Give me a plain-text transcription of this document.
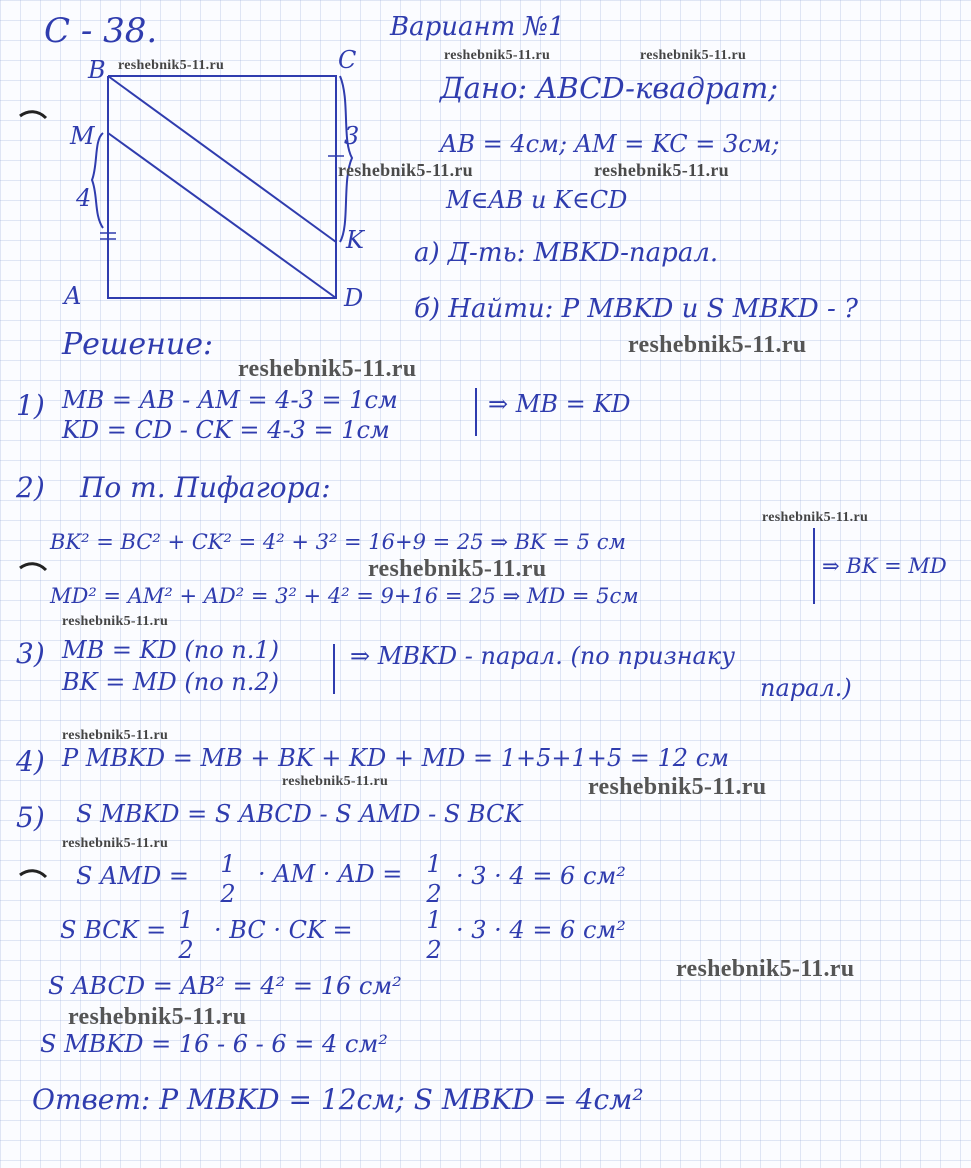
С - 38.	Вариант №1
B	C
M
4
3
K
A	D
Дано: ABCD-квадрат;
AB = 4см; AM = KC = 3см;
M∈AB и K∈CD
а) Д-ть: MBKD-парал.
б) Найти: P MBKD и S MBKD - ?
Решение:
1) MB = AB - AM = 4-3 = 1см
KD = CD - CK = 4-3 = 1см
⇒ MB = KD
2) По т. Пифагора:
BK² = BC² + CK² = 4² + 3² = 16+9 = 25 ⇒ BK = 5 см
MD² = AM² + AD² = 3² + 4² = 9+16 = 25 ⇒ MD = 5см
⇒ BK = MD
3) MB = KD (по п.1)
BK = MD (по п.2)
⇒ MBKD - парал. (по признаку
парал.)
4) P MBKD = MB + BK + KD + MD = 1+5+1+5 = 12 см
5) S MBKD = S ABCD - S AMD - S BCK
S AMD = 1
2
· AM · AD = 1
2
· 3 · 4 = 6 см²
S BCK = 1
2
· BC · CK =	1
2
· 3 · 4 = 6 см²
S ABCD = AB² = 4² = 16 см²
S MBKD = 16 - 6 - 6 = 4 см²
Ответ: P MBKD = 12см; S MBKD = 4см²
reshebnik5-11.ru
reshebnik5-11.ru	reshebnik5-11.ru
reshebnik5-11.ru	reshebnik5-11.ru
reshebnik5-11.ru
reshebnik5-11.ru
reshebnik5-11.ru
reshebnik5-11.ru
reshebnik5-11.ru
reshebnik5-11.ru
reshebnik5-11.ru	reshebnik5-11.ru
reshebnik5-11.ru
reshebnik5-11.ru
reshebnik5-11.ru
